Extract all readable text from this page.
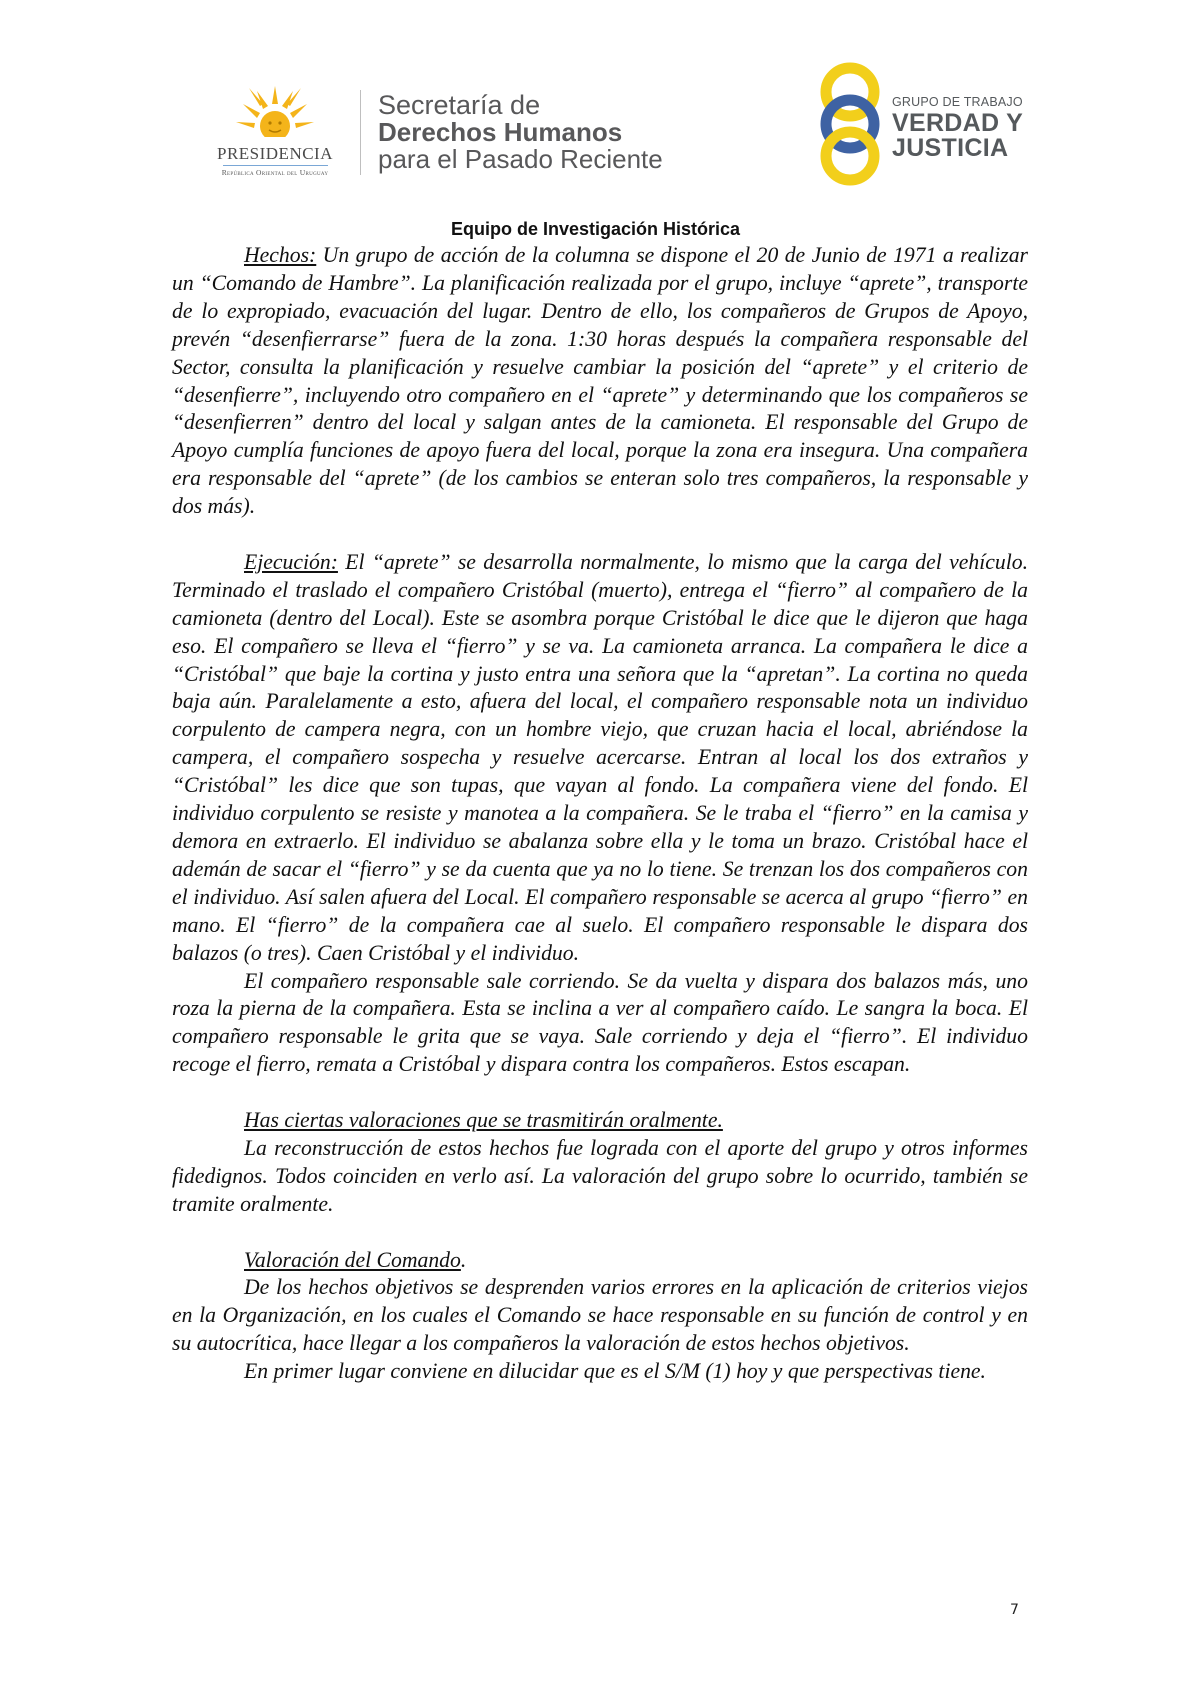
PRESIDENCIA
República Oriental del Uruguay
Secretaría de
Derechos Humanos
para el Pasado Reciente
GRUPO DE TRABAJO
VERDAD Y
JUSTICIA
Equipo de Investigación Histórica

Hechos: Un grupo de acción de la columna se dispone el 20 de Junio de 1971 a realizar un “Comando de Hambre”. La planificación realizada por el grupo, incluye “aprete”, transporte de lo expropiado, evacuación del lugar. Dentro de ello, los compañeros de Grupos de Apoyo, prevén “desenfierrarse” fuera de la zona. 1:30 horas después la compañera responsable del Sector, consulta la planificación y resuelve cambiar la posición del “aprete” y el criterio de “desenfierre”, incluyendo otro compañero en el “aprete” y determinando que los compañeros se “desenfierren” dentro del local y salgan antes de la camioneta. El responsable del Grupo de Apoyo cumplía funciones de apoyo fuera del local, porque la zona era insegura. Una compañera era responsable del “aprete” (de los cambios se enteran solo tres compañeros, la responsable y dos más).

Ejecución: El “aprete” se desarrolla normalmente, lo mismo que la carga del vehículo. Terminado el traslado el compañero Cristóbal (muerto), entrega el “fierro” al compañero de la camioneta (dentro del Local). Este se asombra porque Cristóbal le dice que le dijeron que haga eso. El compañero se lleva el “fierro” y se va. La camioneta arranca. La compañera le dice a “Cristóbal” que baje la cortina y justo entra una señora que la “apretan”. La cortina no queda baja aún. Paralelamente a esto, afuera del local, el compañero responsable nota un individuo corpulento de campera negra, con un hombre viejo, que cruzan hacia el local, abriéndose la campera, el compañero sospecha y resuelve acercarse. Entran al local los dos extraños y “Cristóbal” les dice que son tupas, que vayan al fondo. La compañera viene del fondo. El individuo corpulento se resiste y manotea a la compañera. Se le traba el “fierro” en la camisa y demora en extraerlo. El individuo se abalanza sobre ella y le toma un brazo. Cristóbal hace el ademán de sacar el “fierro” y se da cuenta que ya no lo tiene. Se trenzan los dos compañeros con el individuo. Así salen afuera del Local. El compañero responsable se acerca al grupo “fierro” en mano. El “fierro” de la compañera cae al suelo. El compañero responsable le dispara dos balazos (o tres). Caen Cristóbal y el individuo.

El compañero responsable sale corriendo. Se da vuelta y dispara dos balazos más, uno roza la pierna de la compañera. Esta se inclina a ver al compañero caído. Le sangra la boca. El compañero responsable le grita que se vaya. Sale corriendo y deja el “fierro”. El individuo recoge el fierro, remata a Cristóbal y dispara contra los compañeros. Estos escapan.

Has ciertas valoraciones que se trasmitirán oralmente.

La reconstrucción de estos hechos fue lograda con el aporte del grupo y otros informes fidedignos. Todos coinciden en verlo así. La valoración del grupo sobre lo ocurrido, también se tramite oralmente.

Valoración del Comando.

De los hechos objetivos se desprenden varios errores en la aplicación de criterios viejos en la Organización, en los cuales el Comando se hace responsable en su función de control y en su autocrítica, hace llegar a los compañeros la valoración de estos hechos objetivos.

En primer lugar conviene en dilucidar que es el S/M (1) hoy y que perspectivas tiene.

7
